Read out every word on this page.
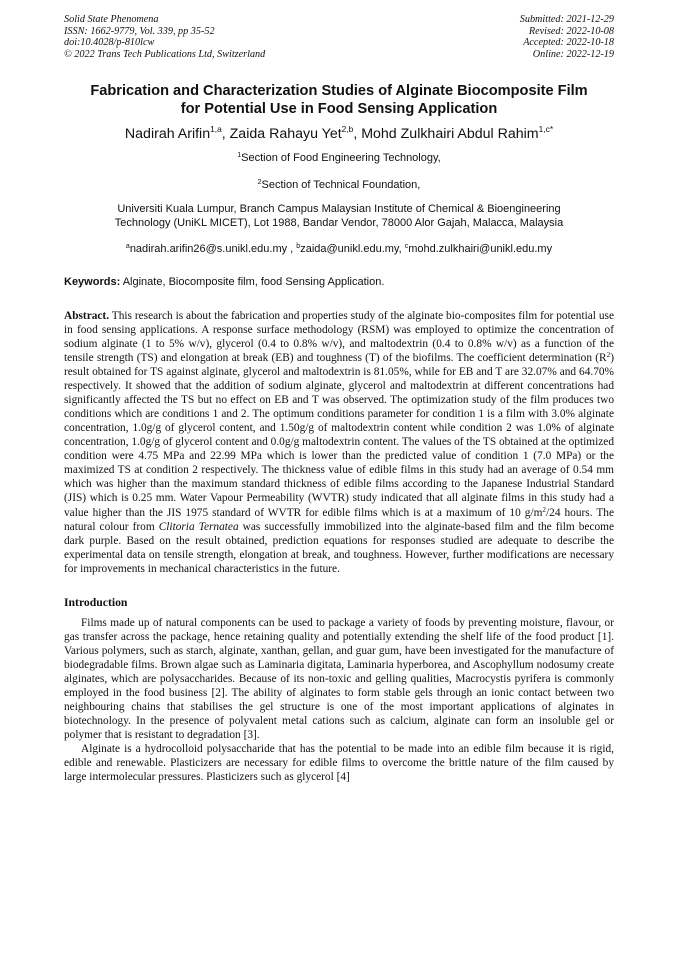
Solid State Phenomena
ISSN: 1662-9779, Vol. 339, pp 35-52
doi:10.4028/p-810lcw
© 2022 Trans Tech Publications Ltd, Switzerland
Submitted: 2021-12-29
Revised: 2022-10-08
Accepted: 2022-10-18
Online: 2022-12-19
Fabrication and Characterization Studies of Alginate Biocomposite Film
for Potential Use in Food Sensing Application
Nadirah Arifin$^{1,a}$, Zaida Rahayu Yet$^{2,b}$, Mohd Zulkhairi Abdul Rahim$^{1,c*}$
$^1$Section of Food Engineering Technology,
$^2$Section of Technical Foundation,
Universiti Kuala Lumpur, Branch Campus Malaysian Institute of Chemical & Bioengineering
Technology (UniKL MICET), Lot 1988, Bandar Vendor, 78000 Alor Gajah, Malacca, Malaysia
$^a$nadirah.arifin26@s.unikl.edu.my , $^b$zaida@unikl.edu.my, $^c$mohd.zulkhairi@unikl.edu.my
Keywords: Alginate, Biocomposite film, food Sensing Application.
Abstract. This research is about the fabrication and properties study of the alginate bio-composites film for potential use in food sensing applications. A response surface methodology (RSM) was employed to optimize the concentration of sodium alginate (1 to 5% w/v), glycerol (0.4 to 0.8% w/v), and maltodextrin (0.4 to 0.8% w/v) as a function of the tensile strength (TS) and elongation at break (EB) and toughness (T) of the biofilms. The coefficient determination $(R^2)$ result obtained for TS against alginate, glycerol and maltodextrin is 81.05%, while for EB and T are 32.07% and 64.70% respectively. It showed that the addition of sodium alginate, glycerol and maltodextrin at different concentrations had significantly affected the TS but no effect on EB and T was observed. The optimization study of the film produces two conditions which are conditions 1 and 2. The optimum conditions parameter for condition 1 is a film with 3.0% alginate concentration, 1.0g/g of glycerol content, and 1.50g/g of maltodextrin content while condition 2 was 1.0% of alginate concentration, 1.0g/g of glycerol content and 0.0g/g maltodextrin content. The values of the TS obtained at the optimized condition were 4.75 MPa and 22.99 MPa which is lower than the predicted value of condition 1 (7.0 MPa) or the maximized TS at condition 2 respectively. The thickness value of edible films in this study had an average of 0.54 mm which was higher than the maximum standard thickness of edible films according to the Japanese Industrial Standard (JIS) which is 0.25 mm. Water Vapour Permeability (WVTR) study indicated that all alginate films in this study had a value higher than the JIS 1975 standard of WVTR for edible films which is at a maximum of 10 $g/m^2/24$ hours. The natural colour from Clitoria Ternatea was successfully immobilized into the alginate-based film and the film become dark purple. Based on the result obtained, prediction equations for responses studied are adequate to describe the experimental data on tensile strength, elongation at break, and toughness. However, further modifications are necessary for improvements in mechanical characteristics in the future.
Introduction
Films made up of natural components can be used to package a variety of foods by preventing moisture, flavour, or gas transfer across the package, hence retaining quality and potentially extending the shelf life of the food product [1]. Various polymers, such as starch, alginate, xanthan, gellan, and guar gum, have been investigated for the manufacture of biodegradable films. Brown algae such as Laminaria digitata, Laminaria hyperborea, and Ascophyllum nodosumy create alginates, which are polysaccharides. Because of its non-toxic and gelling qualities, Macrocystis pyrifera is commonly employed in the food business [2]. The ability of alginates to form stable gels through an ionic contact between two neighbouring chains that stabilises the gel structure is one of the most important applications of alginates in biotechnology. In the presence of polyvalent metal cations such as calcium, alginate can form an insoluble gel or polymer that is resistant to degradation [3].
Alginate is a hydrocolloid polysaccharide that has the potential to be made into an edible film because it is rigid, edible and renewable. Plasticizers are necessary for edible films to overcome the brittle nature of the film caused by large intermolecular pressures. Plasticizers such as glycerol [4]
